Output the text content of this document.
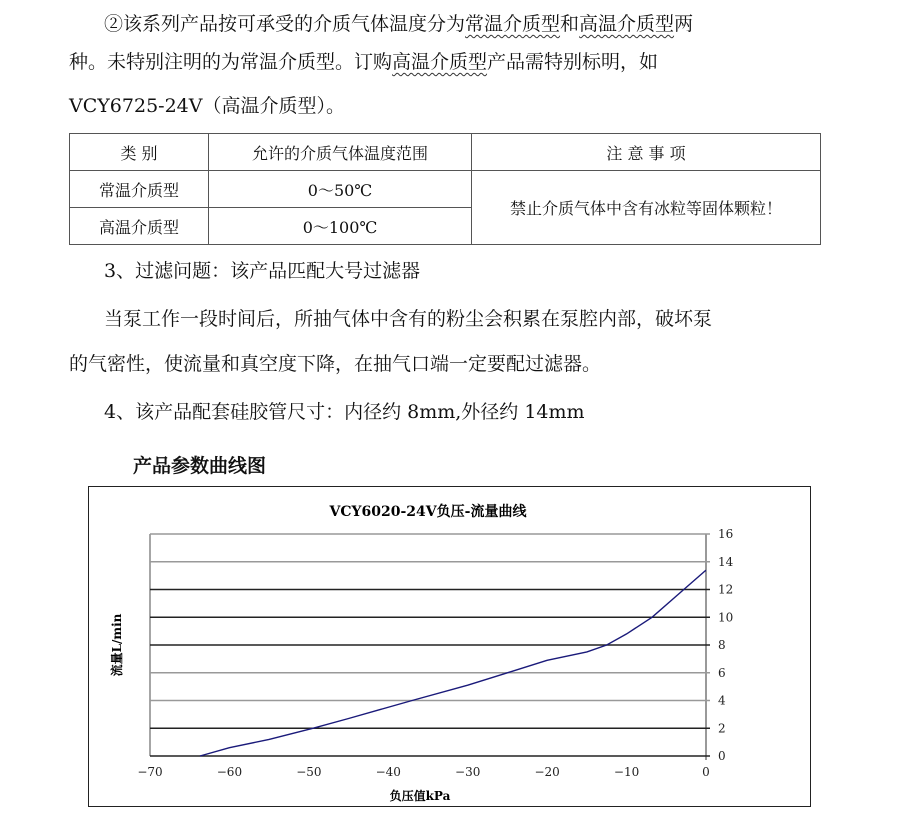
②该系列产品按可承受的介质气体温度分为常温介质型和高温介质型两
种。未特别注明的为常温介质型。订购高温介质型产品需特别标明，如
VCY6725-24V（高温介质型）。
类 别	允许的介质气体温度范围	注 意 事 项
常温介质型	0～50℃	禁止介质气体中含有冰粒等固体颗粒！
高温介质型	0～100℃	
3、过滤问题：该产品匹配大号过滤器
当泵工作一段时间后，所抽气体中含有的粉尘会积累在泵腔内部，破坏泵
的气密性，使流量和真空度下降，在抽气口端一定要配过滤器。
4、该产品配套硅胶管尺寸：内径约 8mm,外径约 14mm
产品参数曲线图
VCY6020-24V负压-流量曲线
0
2
4
6
8
10
12
14
16
−70	−60	−50	−40	−30	−20	−10	0
负压值kPa
流量L/min
